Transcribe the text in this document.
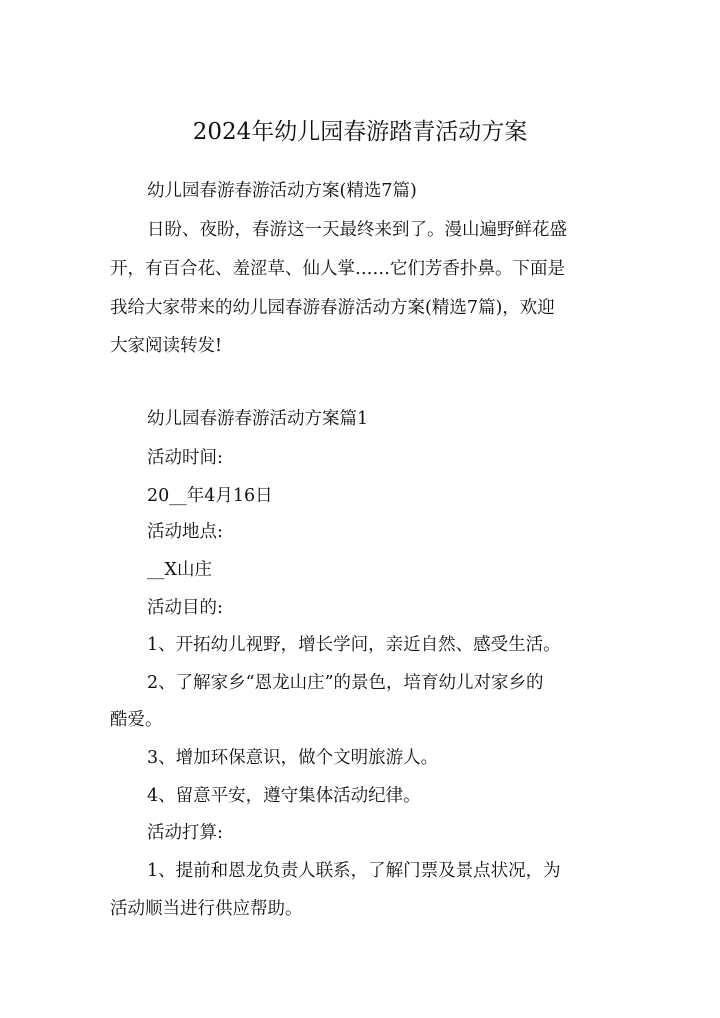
2024年幼儿园春游踏青活动方案

幼儿园春游春游活动方案(精选7篇)

日盼、夜盼，春游这一天最终来到了。漫山遍野鲜花盛

开，有百合花、羞涩草、仙人掌……它们芳香扑鼻。下面是

我给大家带来的幼儿园春游春游活动方案(精选7篇)，欢迎

大家阅读转发!

幼儿园春游春游活动方案篇1

活动时间:

20__年4月16日

活动地点:

__X山庄

活动目的:

1、开拓幼儿视野，增长学问，亲近自然、感受生活。

2、了解家乡“恩龙山庄”的景色，培育幼儿对家乡的

酷爱。

3、增加环保意识，做个文明旅游人。

4、留意平安，遵守集体活动纪律。

活动打算:

1、提前和恩龙负责人联系，了解门票及景点状况，为

活动顺当进行供应帮助。
